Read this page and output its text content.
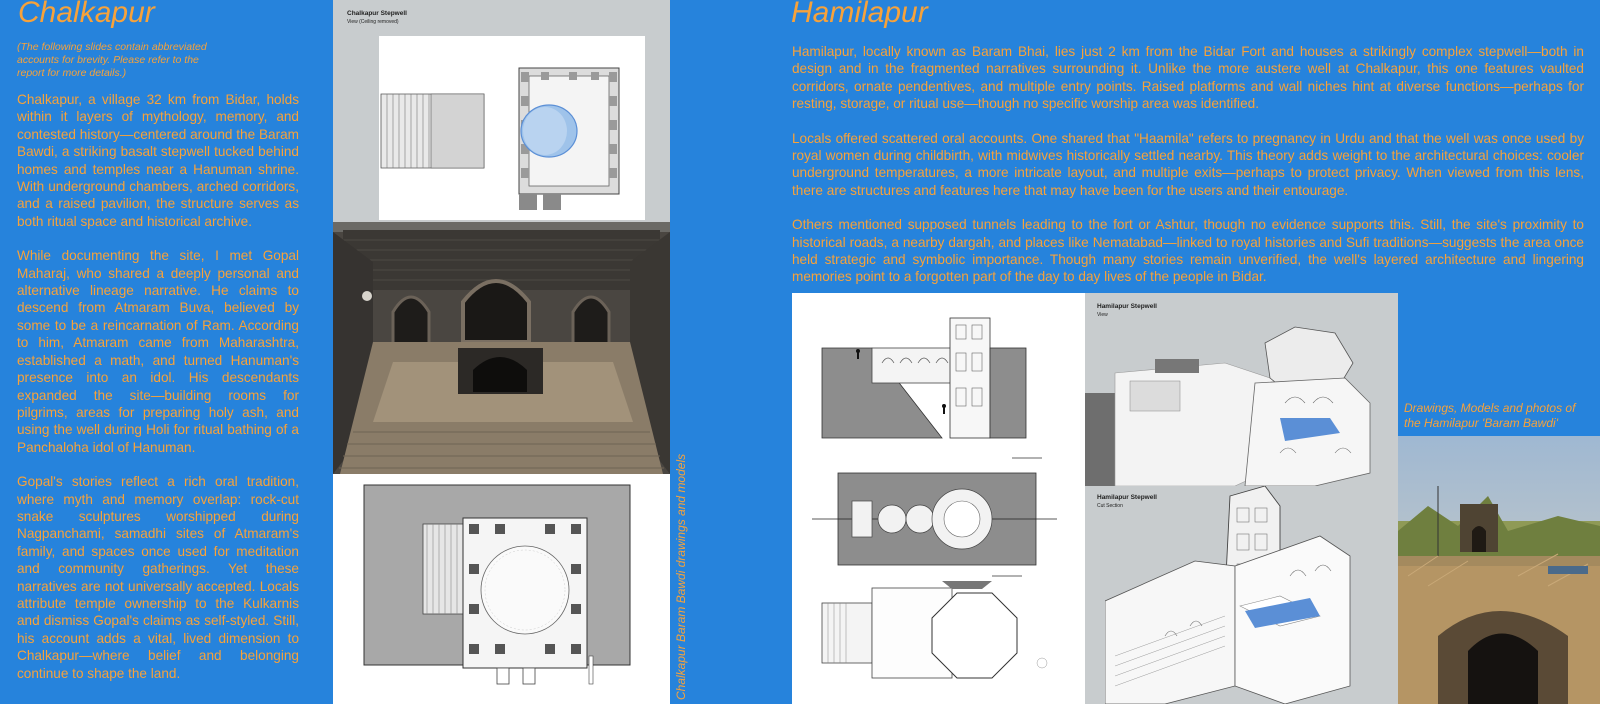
Chalkapur
(The following slides contain abbreviated accounts for brevity. Please refer to the report for more details.)

Chalkapur, a village 32 km from Bidar, holds within it layers of mythology, memory, and contested history—centered around the Baram Bawdi, a striking basalt stepwell tucked behind homes and temples near a Hanuman shrine. With underground chambers, arched corridors, and a raised pavilion, the structure serves as both ritual space and historical archive.

While documenting the site, I met Gopal Maharaj, who shared a deeply personal and alternative lineage narrative. He claims to descend from Atmaram Buva, believed by some to be a reincarnation of Ram. According to him, Atmaram came from Maharashtra, established a math, and turned Hanuman's presence into an idol. His descendants expanded the site—building rooms for pilgrims, areas for preparing holy ash, and using the well during Holi for ritual bathing of a Panchaloha idol of Hanuman.

Gopal's stories reflect a rich oral tradition, where myth and memory overlap: rock-cut snake sculptures worshipped during Nagpanchami, samadhi sites of Atmaram's family, and spaces once used for meditation and community gatherings. Yet these narratives are not universally accepted. Locals attribute temple ownership to the Kulkarnis and dismiss Gopal's claims as self-styled. Still, his account adds a vital, lived dimension to Chalkapur—where belief and belonging continue to shape the land.

Chalkapur Stepwell
View (Ceiling removed)
Chalkapur Baram Bawdi drawings and models
Hamilapur

Hamilapur, locally known as Baram Bhai, lies just 2 km from the Bidar Fort and houses a strikingly complex stepwell—both in design and in the fragmented narratives surrounding it. Unlike the more austere well at Chalkapur, this one features vaulted corridors, ornate pendentives, and multiple entry points. Raised platforms and wall niches hint at diverse functions—perhaps for resting, storage, or ritual use—though no specific worship area was identified.

Locals offered scattered oral accounts. One shared that "Haamila" refers to pregnancy in Urdu and that the well was once used by royal women during childbirth, with midwives historically settled nearby. This theory adds weight to the architectural choices: cooler underground temperatures, a more intricate layout, and multiple exits—perhaps to protect privacy. When viewed from this lens, there are structures and features here that may have been for the users and their entourage.

Others mentioned supposed tunnels leading to the fort or Ashtur, though no evidence supports this. Still, the site's proximity to historical roads, a nearby dargah, and places like Nematabad—linked to royal histories and Sufi traditions—suggests the area once held strategic and symbolic importance. Though many stories remain unverified, the well's layered architecture and lingering memories point to a forgotten part of the day to day lives of the people in Bidar.

Hamilapur Stepwell
View
Hamilapur Stepwell
Cut Section
Drawings, Models and photos of the Hamilapur 'Baram Bawdi'
